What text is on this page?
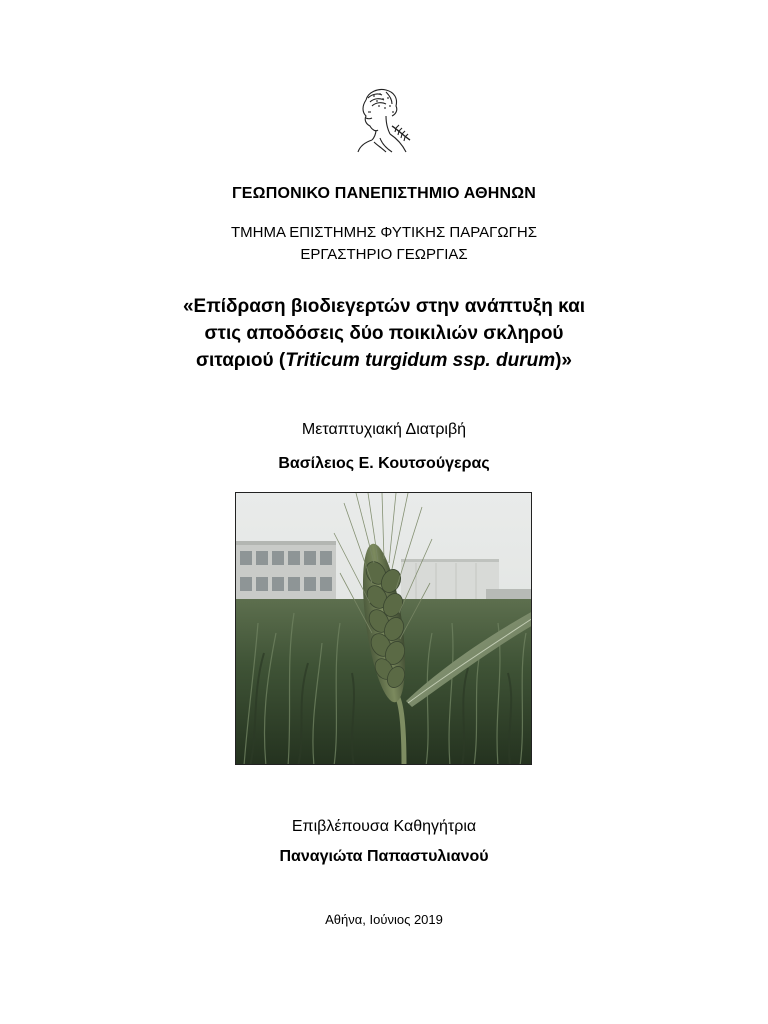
ΓΕΩΠΟΝΙΚΟ ΠΑΝΕΠΙΣΤΗΜΙΟ ΑΘΗΝΩΝ
ΤΜΗΜΑ ΕΠΙΣΤΗΜΗΣ ΦΥΤΙΚΗΣ ΠΑΡΑΓΩΓΗΣ
ΕΡΓΑΣΤΗΡΙΟ ΓΕΩΡΓΙΑΣ
«Επίδραση βιοδιεγερτών στην ανάπτυξη και
στις αποδόσεις δύο ποικιλιών σκληρού
σιταριού (Triticum turgidum ssp. durum)»
Μεταπτυχιακή Διατριβή
Βασίλειος Ε. Κουτσούγερας
Επιβλέπουσα Καθηγήτρια
Παναγιώτα Παπαστυλιανού
Αθήνα, Ιούνιος 2019
